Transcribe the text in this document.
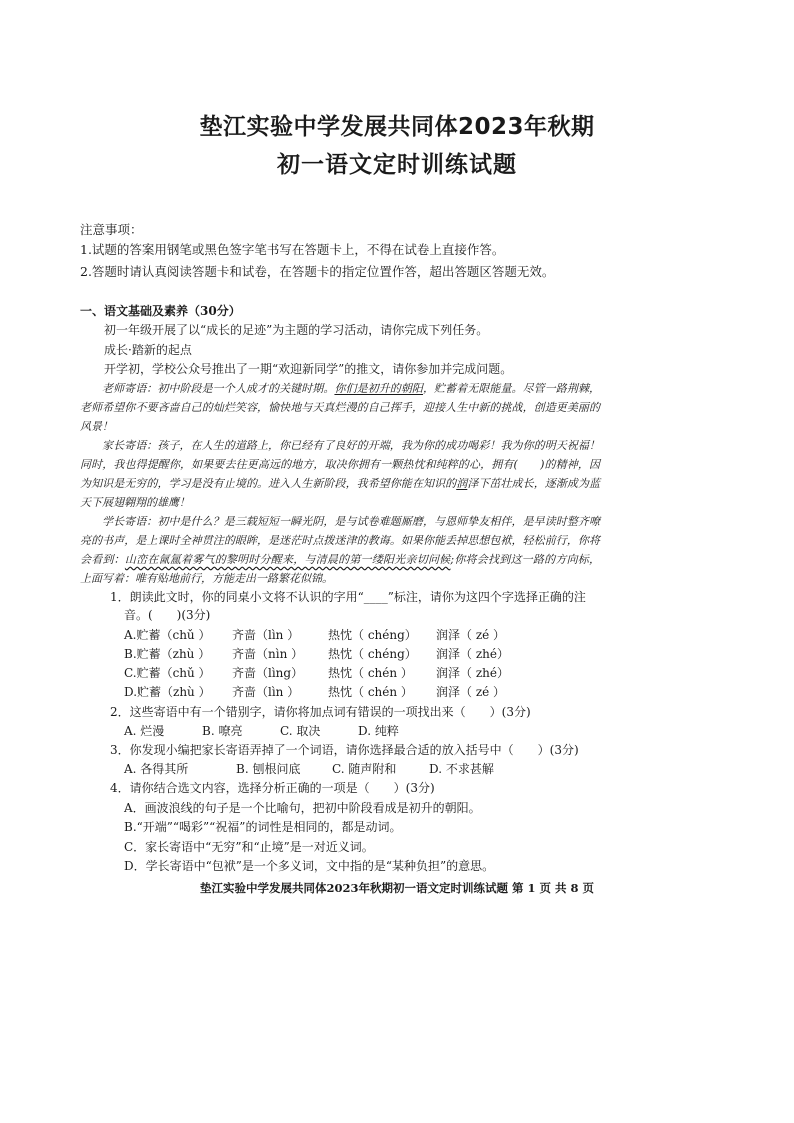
垫江实验中学发展共同体2023年秋期
初一语文定时训练试题
注意事项：
1.试题的答案用钢笔或黑色签字笔书写在答题卡上，不得在试卷上直接作答。
2.答题时请认真阅读答题卡和试卷，在答题卡的指定位置作答，超出答题区答题无效。
一、语文基础及素养（30分）
初一年级开展了以“成长的足迹”为主题的学习活动，请你完成下列任务。
成长·踏新的起点
开学初，学校公众号推出了一期“欢迎新同学”的推文，请你参加并完成问题。

老师寄语：初中阶段是一个人成才的关键时期。你们是初升的朝阳，贮蓄着无限能量。尽管一路荆棘，老师希望你不要吝啬自己的灿烂笑容，愉快地与天真烂漫的自己挥手，迎接人生中新的挑战，创造更美丽的风景！

家长寄语：孩子，在人生的道路上，你已经有了良好的开端，我为你的成功喝彩！我为你的明天祝福！同时，我也得提醒你，如果要去往更高远的地方，取决你拥有一颗热忱和纯粹的心，拥有(　　)的精神，因为知识是无穷的，学习是没有止境的。进入人生新阶段，我希望你能在知识的润泽下茁壮成长，逐渐成为蓝天下展翅翱翔的雄鹰！

学长寄语：初中是什么？是三载短短一瞬光阴，是与试卷难题厮磨，与恩师挚友相伴，是早读时整齐嘹亮的书声，是上课时全神贯注的眼眸，是迷茫时点拨迷津的教诲。如果你能丢掉思想包袱，轻松前行，你将会看到：山峦在氤氲着雾气的黎明时分醒来，与清晨的第一缕阳光亲切问候;你将会找到这一路的方向标，上面写着：唯有贴地前行，方能走出一路繁花似锦。

1．朗读此文时，你的同桌小文将不认识的字用“____”标注，请你为这四个字选择正确的注
音。(　　)(3分)
A.贮蓄（chǔ ） 齐啬（lìn ） 热忱（ chéng） 润泽（ zé ）
B.贮蓄（zhù ） 齐啬（nìn ） 热忱（ chéng） 润泽（ zhé）
C.贮蓄（chǔ ） 齐啬（lìng） 热忱（ chén ） 润泽（ zhé）
D.贮蓄（zhù ） 齐啬（lìn ） 热忱（ chén ） 润泽（ zé ）
2．这些寄语中有一个错别字，请你将加点词有错误的一项找出来（　　）(3分)
A. 烂漫	B. 嘹亮	C. 取决	D. 纯粹
3．你发现小编把家长寄语弄掉了一个词语，请你选择最合适的放入括号中（　　）(3分)
A. 各得其所	B. 刨根问底	C. 随声附和	D. 不求甚解
4．请你结合选文内容，选择分析正确的一项是（　　）(3分)
A．画波浪线的句子是一个比喻句，把初中阶段看成是初升的朝阳。
B.“开端”“喝彩”“祝福”的词性是相同的，都是动词。
C．家长寄语中“无穷”和“止境”是一对近义词。
D．学长寄语中“包袱”是一个多义词，文中指的是“某种负担”的意思。
垫江实验中学发展共同体2023年秋期初一语文定时训练试题 第 1 页 共 8 页
